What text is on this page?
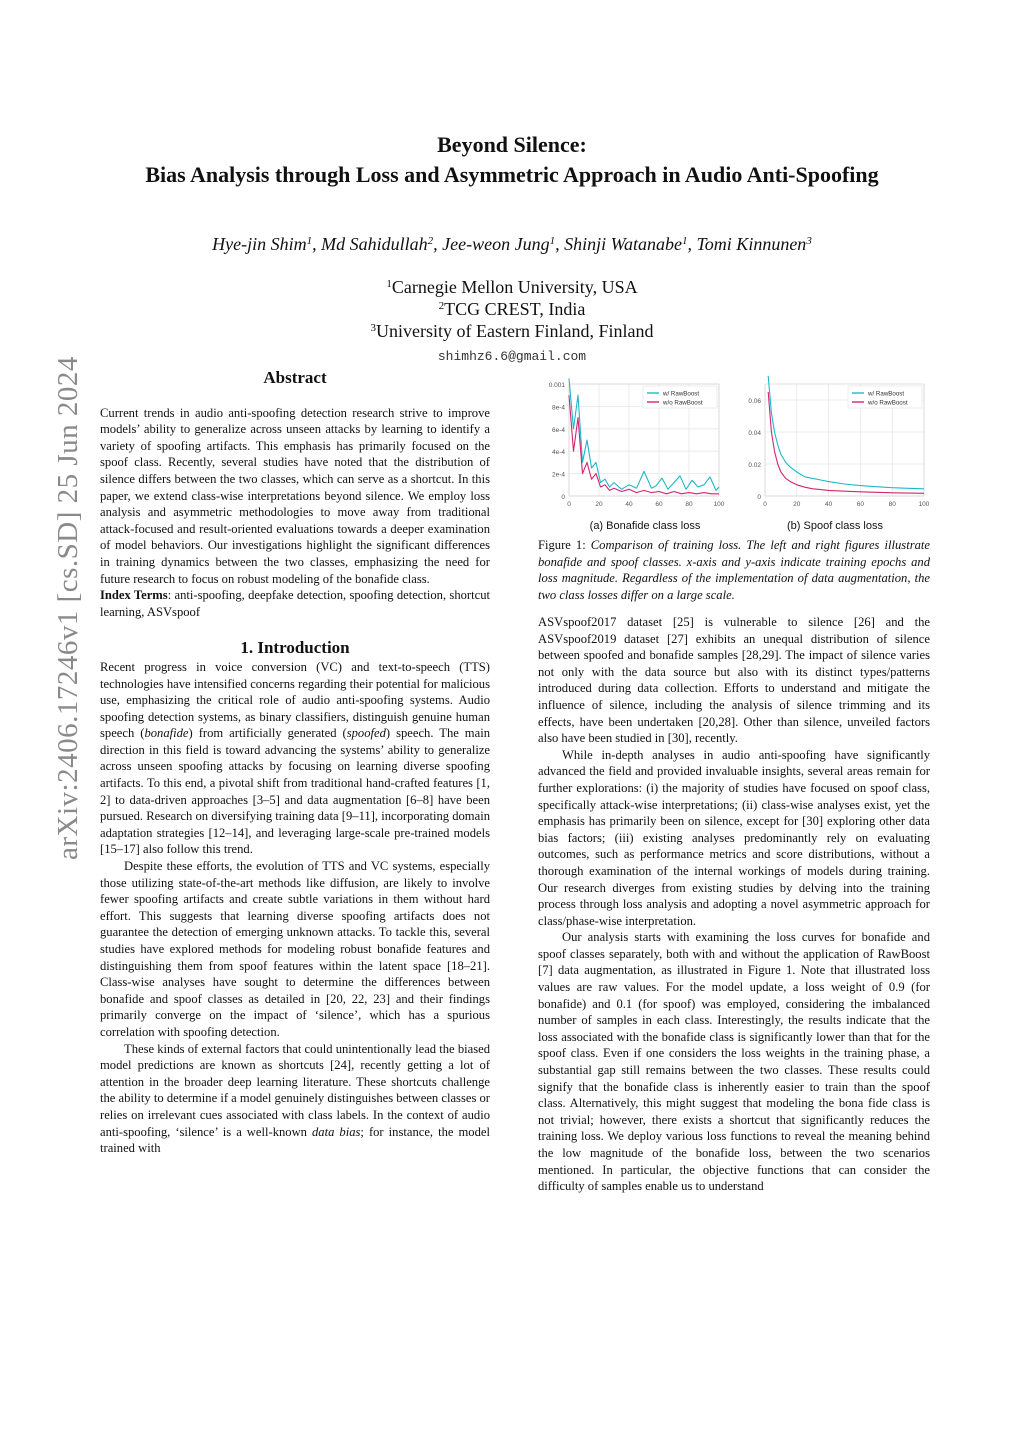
arXiv:2406.17246v1 [cs.SD] 25 Jun 2024
Beyond Silence:
Bias Analysis through Loss and Asymmetric Approach in Audio Anti-Spoofing
Hye-jin Shim$^1$, Md Sahidullah$^2$, Jee-weon Jung$^1$, Shinji Watanabe$^1$, Tomi Kinnunen$^3$
$^1$Carnegie Mellon University, USA
$^2$TCG CREST, India
$^3$University of Eastern Finland, Finland
shimhz6.6@gmail.com
Abstract

Current trends in audio anti-spoofing detection research strive to improve models’ ability to generalize across unseen attacks by learning to identify a variety of spoofing artifacts. This emphasis has primarily focused on the spoof class. Recently, several studies have noted that the distribution of silence differs between the two classes, which can serve as a shortcut. In this paper, we extend class-wise interpretations beyond silence. We employ loss analysis and asymmetric methodologies to move away from traditional attack-focused and result-oriented evaluations towards a deeper examination of model behaviors. Our investigations highlight the significant differences in training dynamics between the two classes, emphasizing the need for future research to focus on robust modeling of the bonafide class.

Index Terms: anti-spoofing, deepfake detection, spoofing detection, shortcut learning, ASVspoof

1. Introduction

Recent progress in voice conversion (VC) and text-to-speech (TTS) technologies have intensified concerns regarding their potential for malicious use, emphasizing the critical role of audio anti-spoofing systems. Audio spoofing detection systems, as binary classifiers, distinguish genuine human speech (bonafide) from artificially generated (spoofed) speech. The main direction in this field is toward advancing the systems’ ability to generalize across unseen spoofing attacks by focusing on learning diverse spoofing artifacts. To this end, a pivotal shift from traditional hand-crafted features [1, 2] to data-driven approaches [3–5] and data augmentation [6–8] have been pursued. Research on diversifying training data [9–11], incorporating domain adaptation strategies [12–14], and leveraging large-scale pre-trained models [15–17] also follow this trend.

Despite these efforts, the evolution of TTS and VC systems, especially those utilizing state-of-the-art methods like diffusion, are likely to involve fewer spoofing artifacts and create subtle variations in them without hard effort. This suggests that learning diverse spoofing artifacts does not guarantee the detection of emerging unknown attacks. To tackle this, several studies have explored methods for modeling robust bonafide features and distinguishing them from spoof features within the latent space [18–21]. Class-wise analyses have sought to determine the differences between bonafide and spoof classes as detailed in [20, 22, 23] and their findings primarily converge on the impact of ‘silence’, which has a spurious correlation with spoofing detection.

These kinds of external factors that could unintentionally lead the biased model predictions are known as shortcuts [24], recently getting a lot of attention in the broader deep learning literature. These shortcuts challenge the ability to determine if a model genuinely distinguishes between classes or relies on irrelevant cues associated with class labels. In the context of audio anti-spoofing, ‘silence’ is a well-known data bias; for instance, the model trained with

0
2e-4
4e-4
6e-4
8e-4
0.001
0	20	40	60	80	100
w/ RawBoost
w/o RawBoost
0
0.02
0.04
0.06
0	20	40	60	80	100
w/ RawBoost
w/o RawBoost
(a) Bonafide class loss	(b) Spoof class loss
Figure 1: Comparison of training loss. The left and right figures illustrate bonafide and spoof classes. x-axis and y-axis indicate training epochs and loss magnitude. Regardless of the implementation of data augmentation, the two class losses differ on a large scale.

ASVspoof2017 dataset [25] is vulnerable to silence [26] and the ASVspoof2019 dataset [27] exhibits an unequal distribution of silence between spoofed and bonafide samples [28,29]. The impact of silence varies not only with the data source but also with its distinct types/patterns introduced during data collection. Efforts to understand and mitigate the influence of silence, including the analysis of silence trimming and its effects, have been undertaken [20,28]. Other than silence, unveiled factors also have been studied in [30], recently.

While in-depth analyses in audio anti-spoofing have significantly advanced the field and provided invaluable insights, several areas remain for further explorations: (i) the majority of studies have focused on spoof class, specifically attack-wise interpretations; (ii) class-wise analyses exist, yet the emphasis has primarily been on silence, except for [30] exploring other data bias factors; (iii) existing analyses predominantly rely on evaluating outcomes, such as performance metrics and score distributions, without a thorough examination of the internal workings of models during training. Our research diverges from existing studies by delving into the training process through loss analysis and adopting a novel asymmetric approach for class/phase-wise interpretation.

Our analysis starts with examining the loss curves for bonafide and spoof classes separately, both with and without the application of RawBoost [7] data augmentation, as illustrated in Figure 1. Note that illustrated loss values are raw values. For the model update, a loss weight of 0.9 (for bonafide) and 0.1 (for spoof) was employed, considering the imbalanced number of samples in each class. Interestingly, the results indicate that the loss associated with the bonafide class is significantly lower than that for the spoof class. Even if one considers the loss weights in the training phase, a substantial gap still remains between the two classes. These results could signify that the bonafide class is inherently easier to train than the spoof class. Alternatively, this might suggest that modeling the bona fide class is not trivial; however, there exists a shortcut that significantly reduces the training loss. We deploy various loss functions to reveal the meaning behind the low magnitude of the bonafide loss, between the two scenarios mentioned. In particular, the objective functions that can consider the difficulty of samples enable us to understand
